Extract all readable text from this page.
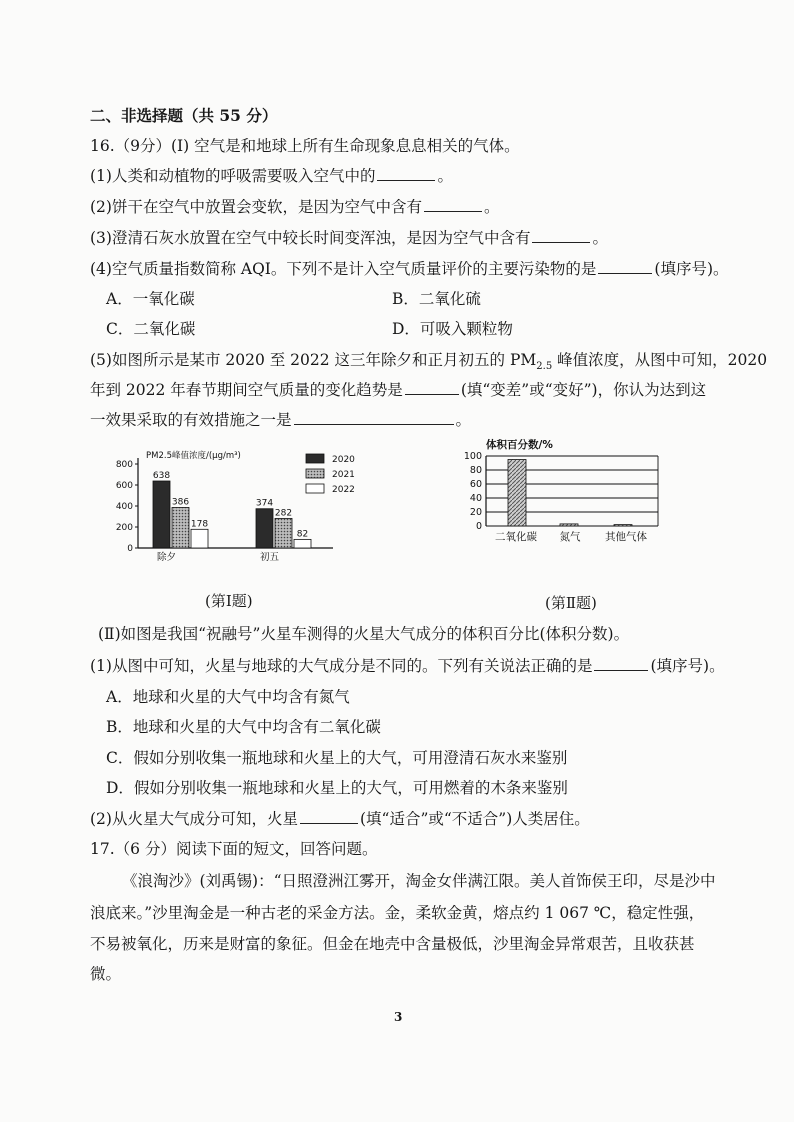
二、非选择题（共 55 分）
16.（9分）(Ⅰ) 空气是和地球上所有生命现象息息相关的气体。
(1)人类和动植物的呼吸需要吸入空气中的	。
(2)饼干在空气中放置会变软，是因为空气中含有	。
(3)澄清石灰水放置在空气中较长时间变浑浊，是因为空气中含有	。
(4)空气质量指数简称 AQI。下列不是计入空气质量评价的主要污染物的是	(填序号)。
A．一氧化碳	B．二氧化硫
C．二氧化碳	D．可吸入颗粒物
(5)如图所示是某市 2020 至 2022 这三年除夕和正月初五的 $PM_{2.5}$ 峰值浓度，从图中可知，2020
年到 2022 年春节期间空气质量的变化趋势是	(填“变差”或“变好”)，你认为达到这
一效果采取的有效措施之一是	。
PM2.5峰值浓度/(μg/m³)
0
200
400
600
800
638
386
178
除夕
374
282
82
初五
2020
2021
2022
体积百分数/%
0
20
40
60
80
100
二氧化碳 氮气 其他气体
(第Ⅰ题)	(第Ⅱ题)
(Ⅱ)如图是我国“祝融号”火星车测得的火星大气成分的体积百分比(体积分数)。
(1)从图中可知，火星与地球的大气成分是不同的。下列有关说法正确的是	(填序号)。
A．地球和火星的大气中均含有氮气
B．地球和火星的大气中均含有二氧化碳
C．假如分别收集一瓶地球和火星上的大气，可用澄清石灰水来鉴别
D．假如分别收集一瓶地球和火星上的大气，可用燃着的木条来鉴别
(2)从火星大气成分可知，火星	(填“适合”或“不适合”)人类居住。
17.（6 分）阅读下面的短文，回答问题。
《浪淘沙》(刘禹锡)：“日照澄洲江雾开，淘金女伴满江限。美人首饰侯王印，尽是沙中
浪底来。”沙里淘金是一种古老的采金方法。金，柔软金黄，熔点约 1 067 ℃，稳定性强，
不易被氧化，历来是财富的象征。但金在地壳中含量极低，沙里淘金异常艰苦，且收获甚
微。
3
